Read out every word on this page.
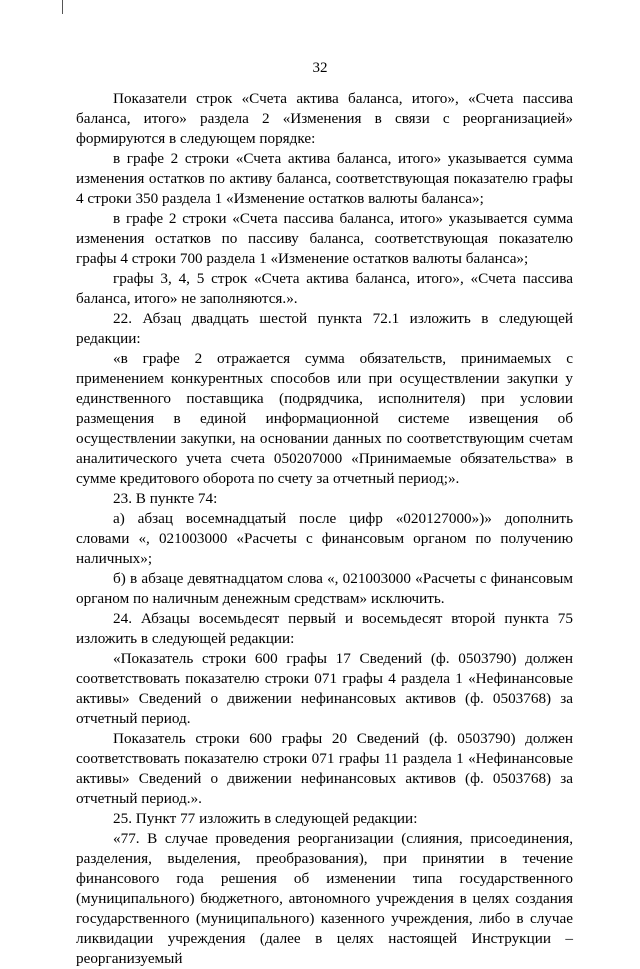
32

Показатели строк «Счета актива баланса, итого», «Счета пассива баланса, итого» раздела 2 «Изменения в связи с реорганизацией» формируются в следующем порядке:

в графе 2 строки «Счета актива баланса, итого» указывается сумма изменения остатков по активу баланса, соответствующая показателю графы 4 строки 350 раздела 1 «Изменение остатков валюты баланса»;

в графе 2 строки «Счета пассива баланса, итого» указывается сумма изменения остатков по пассиву баланса, соответствующая показателю графы 4 строки 700 раздела 1 «Изменение остатков валюты баланса»;

графы 3, 4, 5 строк «Счета актива баланса, итого», «Счета пассива баланса, итого» не заполняются.».

22. Абзац двадцать шестой пункта 72.1 изложить в следующей редакции:

«в графе 2 отражается сумма обязательств, принимаемых с применением конкурентных способов или при осуществлении закупки у единственного поставщика (подрядчика, исполнителя) при условии размещения в единой информационной системе извещения об осуществлении закупки, на основании данных по соответствующим счетам аналитического учета счета 050207000 «Принимаемые обязательства» в сумме кредитового оборота по счету за отчетный период;».

23. В пункте 74:

а) абзац восемнадцатый после цифр «020127000»)» дополнить словами «, 021003000 «Расчеты с финансовым органом по получению наличных»;

б) в абзаце девятнадцатом слова «, 021003000 «Расчеты с финансовым органом по наличным денежным средствам» исключить.

24. Абзацы восемьдесят первый и восемьдесят второй пункта 75 изложить в следующей редакции:

«Показатель строки 600 графы 17 Сведений (ф. 0503790) должен соответствовать показателю строки 071 графы 4 раздела 1 «Нефинансовые активы» Сведений о движении нефинансовых активов (ф. 0503768) за отчетный период.

Показатель строки 600 графы 20 Сведений (ф. 0503790) должен соответствовать показателю строки 071 графы 11 раздела 1 «Нефинансовые активы» Сведений о движении нефинансовых активов (ф. 0503768) за отчетный период.».

25. Пункт 77 изложить в следующей редакции:

«77. В случае проведения реорганизации (слияния, присоединения, разделения, выделения, преобразования), при принятии в течение финансового года решения об изменении типа государственного (муниципального) бюджетного, автономного учреждения в целях создания государственного (муниципального) казенного учреждения, либо в случае ликвидации учреждения (далее в целях настоящей Инструкции – реорганизуемый
